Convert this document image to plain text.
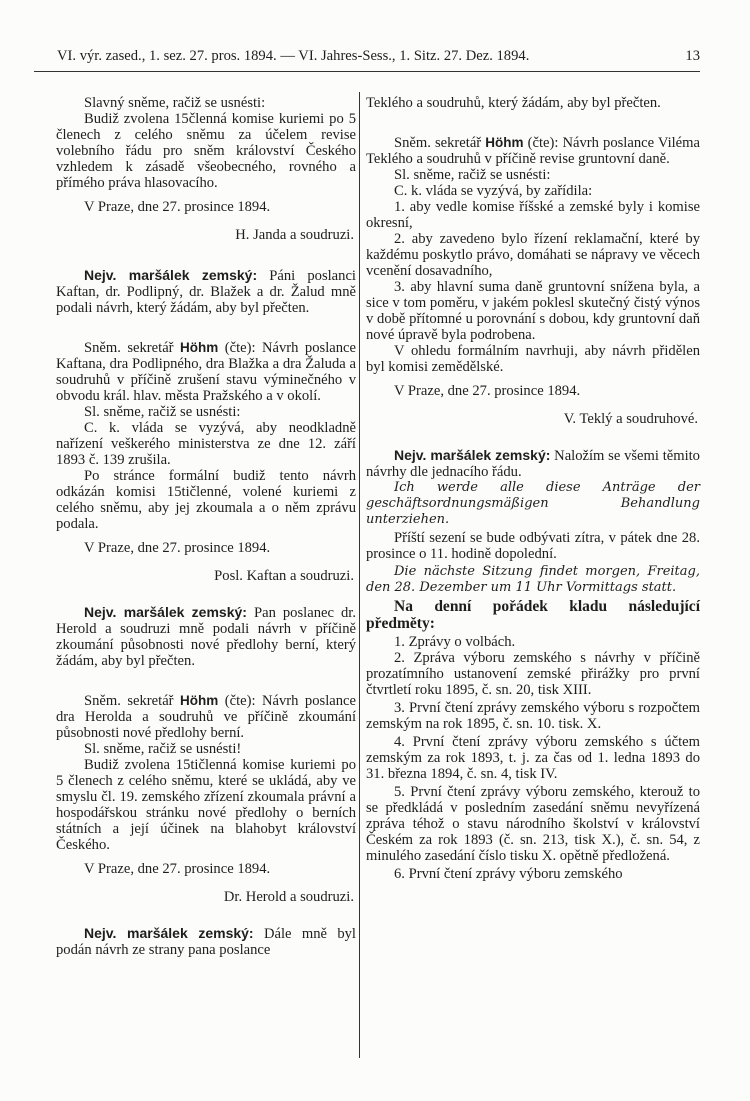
VI. výr. zased., 1. sez. 27. pros. 1894. — VI. Jahres-Sess., 1. Sitz. 27. Dez. 1894.	13

Slavný sněme, račiž se usnésti:

Budiž zvolena 15členná komise kuriemi po 5 členech z celého sněmu za účelem revise volebního řádu pro sněm království Českého vzhledem k zásadě všeobecného, rovného a přímého práva hlasovacího.

V Praze, dne 27. prosince 1894.

H. Janda a soudruzi.

Nejv. maršálek zemský: Páni poslanci Kaftan, dr. Podlipný, dr. Blažek a dr. Žalud mně podali návrh, který žádám, aby byl přečten.

Sněm. sekretář Höhm (čte): Návrh poslance Kaftana, dra Podlipného, dra Blažka a dra Žaluda a soudruhů v příčině zrušení stavu výminečného v obvodu král. hlav. města Pražského a v okolí.

Sl. sněme, račiž se usnésti:

C. k. vláda se vyzývá, aby neodkladně nařízení veškerého ministerstva ze dne 12. září 1893 č. 139 zrušila.

Po stránce formální budiž tento návrh odkázán komisi 15tičlenné, volené kuriemi z celého sněmu, aby jej zkoumala a o něm zprávu podala.

V Praze, dne 27. prosince 1894.

Posl. Kaftan a soudruzi.

Nejv. maršálek zemský: Pan poslanec dr. Herold a soudruzi mně podali návrh v příčině zkoumání působnosti nové předlohy berní, který žádám, aby byl přečten.

Sněm. sekretář Höhm (čte): Návrh poslance dra Herolda a soudruhů ve příčině zkoumání působnosti nové předlohy berní.

Sl. sněme, račiž se usnésti!

Budiž zvolena 15tičlenná komise kuriemi po 5 členech z celého sněmu, které se ukládá, aby ve smyslu čl. 19. zemského zřízení zkoumala právní a hospodářskou stránku nové předlohy o berních státních a její účinek na blahobyt království Českého.

V Praze, dne 27. prosince 1894.

Dr. Herold a soudruzi.

Nejv. maršálek zemský: Dále mně byl podán návrh ze strany pana poslance

Teklého a soudruhů, který žádám, aby byl přečten.

Sněm. sekretář Höhm (čte): Návrh poslance Viléma Teklého a soudruhů v příčině revise gruntovní daně.

Sl. sněme, račiž se usnésti:

C. k. vláda se vyzývá, by zařídila:

1. aby vedle komise říšské a zemské byly i komise okresní,

2. aby zavedeno bylo řízení reklamační, které by každému poskytlo právo, domáhati se nápravy ve věcech vcenění dosavadního,

3. aby hlavní suma daně gruntovní snížena byla, a sice v tom poměru, v jakém poklesl skutečný čistý výnos v době přítomné u porovnání s dobou, kdy gruntovní daň nové úpravě byla podrobena.

V ohledu formálním navrhuji, aby návrh přidělen byl komisi zemědělské.

V Praze, dne 27. prosince 1894.

V. Teklý a soudruhové.

Nejv. maršálek zemský: Naložím se všemi těmito návrhy dle jednacího řádu.

Ich werde alle diese Anträge der geschäftsordnungsmäßigen Behandlung unterziehen.

Příští sezení se bude odbývati zítra, v pátek dne 28. prosince o 11. hodině dopolední.

Die nächste Sitzung findet morgen, Freitag, den 28. Dezember um 11 Uhr Vormittags statt.

Na denní pořádek kladu následující předměty:

1. Zprávy o volbách.

2. Zpráva výboru zemského s návrhy v příčině prozatímního ustanovení zemské přirážky pro první čtvrtletí roku 1895, č. sn. 20, tisk XIII.

3. První čtení zprávy zemského výboru s rozpočtem zemským na rok 1895, č. sn. 10. tisk. X.

4. První čtení zprávy výboru zemského s účtem zemským za rok 1893, t. j. za čas od 1. ledna 1893 do 31. března 1894, č. sn. 4, tisk IV.

5. První čtení zprávy výboru zemského, kterouž to se předkládá v posledním zasedání sněmu nevyřízená zpráva téhož o stavu národního školství v království Českém za rok 1893 (č. sn. 213, tisk X.), č. sn. 54, z minulého zasedání číslo tisku X. opětně předložená.

6. První čtení zprávy výboru zemského
